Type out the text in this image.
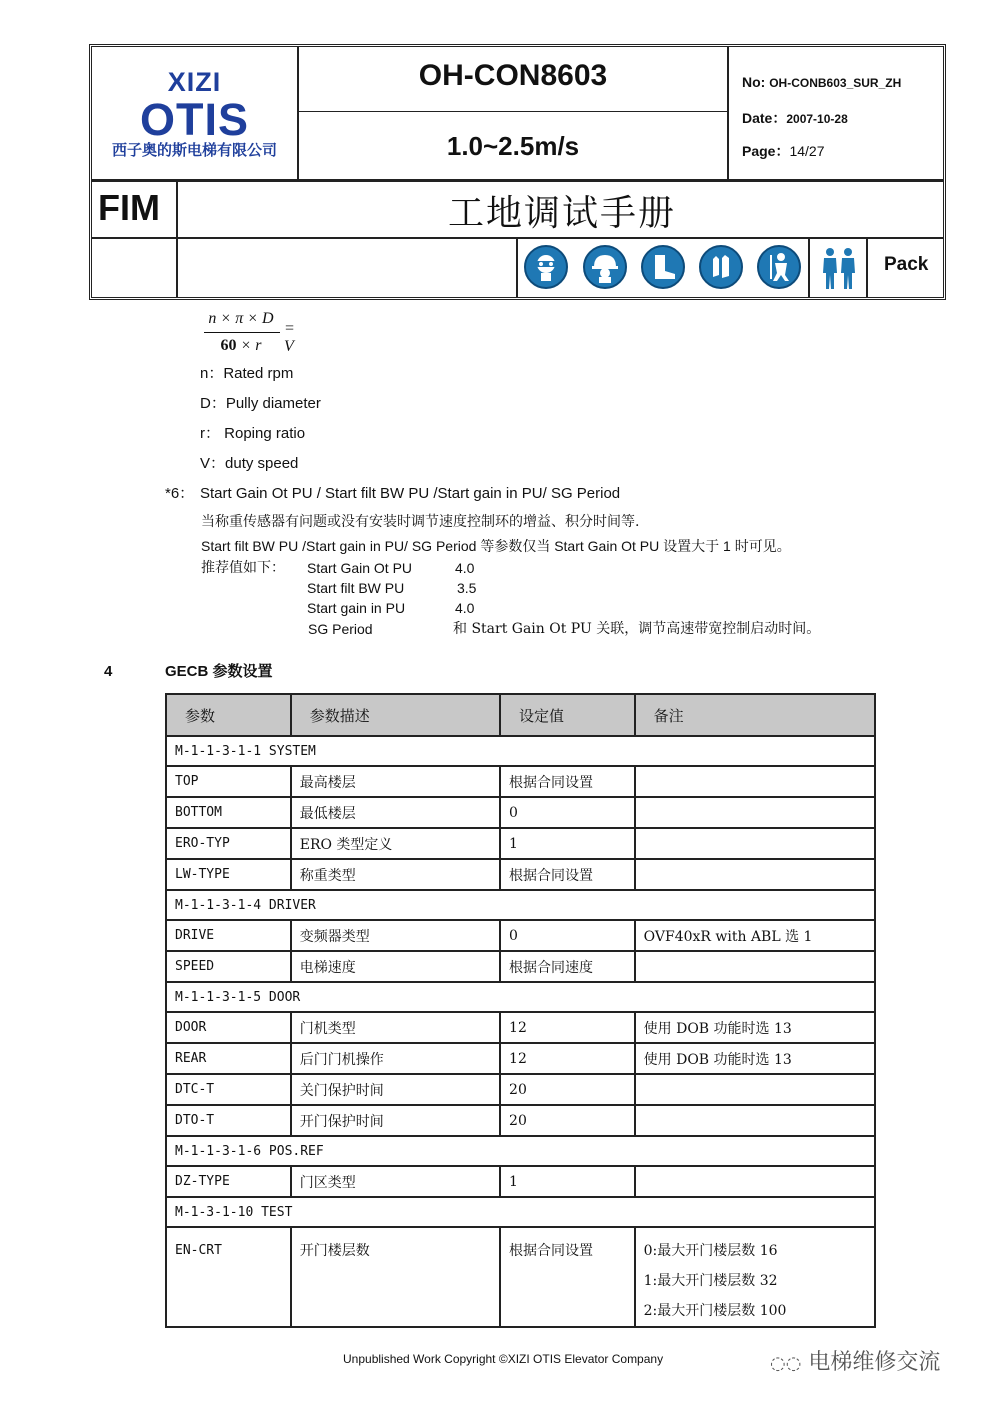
XIZI
OTIS
西子奥的斯电梯有限公司
OH-CON8603
1.0~2.5m/s
No: OH-CONB603_SUR_ZH
Date：2007-10-28
Page：14/27
FIM	工地调试手册
Pack
n × π × D
60 × r
= V
n：Rated rpm
D：Pully diameter
r： Roping ratio
V：duty speed
*6： Start Gain Ot PU / Start filt BW PU /Start gain in PU/ SG Period
当称重传感器有问题或没有安装时调节速度控制环的增益、积分时间等.
Start filt BW PU /Start gain in PU/ SG Period 等参数仅当 Start Gain Ot PU 设置大于 1 时可见。
推荐值如下： Start Gain Ot PU	4.0
Start filt BW PU	3.5
Start gain in PU	4.0
SG Period	和 Start Gain Ot PU 关联，调节高速带宽控制启动时间。
4	GECB 参数设置
参数	参数描述	设定值	备注
M-1-1-3-1-1 SYSTEM			
TOP	最高楼层	根据合同设置	
BOTTOM	最低楼层	0	
ERO-TYP	ERO 类型定义	1	
LW-TYPE	称重类型	根据合同设置	
M-1-1-3-1-4 DRIVER			
DRIVE	变频器类型	0	OVF40xR with ABL 选 1
SPEED	电梯速度	根据合同速度	
M-1-1-3-1-5 DOOR			
DOOR	门机类型	12	使用 DOB 功能时选 13
REAR	后门门机操作	12	使用 DOB 功能时选 13
DTC-T	关门保护时间	20	
DTO-T	开门保护时间	20	
M-1-1-3-1-6 POS.REF			
DZ-TYPE	门区类型	1	
M-1-3-1-10 TEST			
EN-CRT	开门楼层数	根据合同设置	0:最大开门楼层数 16
1:最大开门楼层数 32
2:最大开门楼层数 100
Unpublished Work Copyright ©XIZI OTIS Elevator Company	◌◌ 电梯维修交流
